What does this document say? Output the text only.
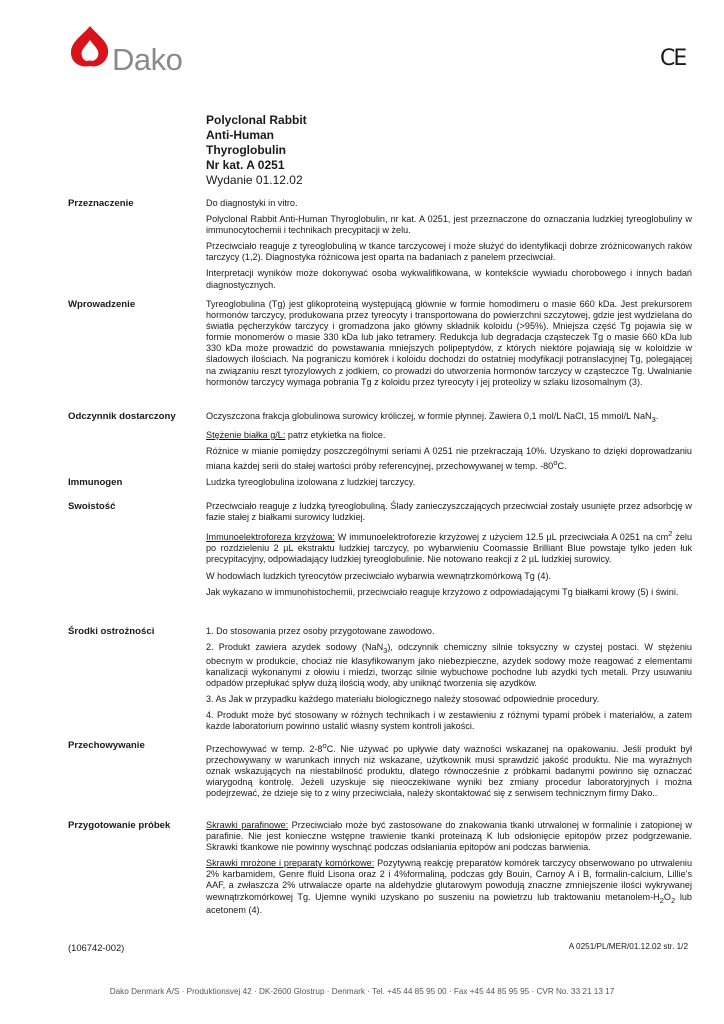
Dako	CE
Polyclonal Rabbit
Anti-Human
Thyroglobulin
Nr kat. A 0251
Wydanie 01.12.02
Przeznaczenie	Do diagnostyki in vitro.

Polyclonal Rabbit Anti-Human Thyroglobulin, nr kat. A 0251, jest przeznaczone do oznaczania ludzkiej tyreoglobuliny w immunocytochemii i technikach precypitacji w żelu.

Przeciwciało reaguje z tyreoglobuliną w tkance tarczycowej i może służyć do identyfikacji dobrze zróżnicowanych raków tarczycy (1,2). Diagnostyka różnicowa jest oparta na badaniach z panelem przeciwciał.

Interpretacji wyników może dokonywać osoba wykwalifikowana, w kontekście wywiadu chorobowego i innych badań diagnostycznych.

Wprowadzenie	Tyreoglobulina (Tg) jest glikoproteiną występującą głównie w formie homodimeru o masie 660 kDa. Jest prekursorem hormonów tarczycy, produkowana przez tyreocyty i transportowana do powierzchni szczytowej, gdzie jest wydzielana do światła pęcherzyków tarczycy i gromadzona jako główny składnik koloidu (>95%). Mniejsza część Tg pojawia się w formie monomerów o masie 330 kDa lub jako tetramery. Redukcja lub degradacja cząsteczek Tg o masie 660 kDa lub 330 kDa może prowadzić do powstawania mniejszych polipeptydów, z których niektóre pojawiają się w koloidzie w śladowych ilościach. Na pograniczu komórek i koloidu dochodzi do ostatniej modyfikacji potranslacyjnej Tg, polegającej na związaniu reszt tyrozylowych z jodkiem, co prowadzi do utworzenia hormonów tarczycy w cząsteczce Tg. Uwalnianie hormonów tarczycy wymaga pobrania Tg z koloidu przez tyreocyty i jej proteolizy w szlaku lizosomalnym (3).

Odczynnik dostarczony	Oczyszczona frakcja globulinowa surowicy króliczej, w formie płynnej. Zawiera 0,1 mol/L NaCl, 15 mmol/L NaN$_3$.

Stężenie białka g/L: patrz etykietka na fiolce.

Różnice w mianie pomiędzy poszczególnymi seriami A 0251 nie przekraczają 10%. Uzyskano to dzięki doprowadzaniu miana każdej serii do stałej wartości próby referencyjnej, przechowywanej w temp. -80$^o$C.

Immunogen	Ludzka tyreoglobulina izolowana z ludzkiej tarczycy.

Swoistość	Przeciwciało reaguje z ludzką tyreoglobuliną. Ślady zanieczyszczających przeciwciał zostały usunięte przez adsorbcję w fazie stałej z białkami surowicy ludzkiej.

Immunoelektroforeza krzyżowa: W immunoelektroforezie krzyżowej z użyciem 12.5 µL przeciwciała A 0251 na $cm^2$ żelu po rozdzieleniu 2 µL ekstraktu ludzkiej tarczycy, po wybarwieniu Coomassie Brilliant Blue powstaje tylko jeden łuk precypitacyjny, odpowiadający ludzkiej tyreoglobulinie. Nie notowano reakcji z 2 µL ludzkiej surowicy.

W hodowlach ludzkich tyreocytów przeciwciało wybarwia wewnątrzkomórkową Tg (4).

Jak wykazano w immunohistochemii, przeciwciało reaguje krzyżowo z odpowiadającymi Tg białkami krowy (5) i świni.

Środki ostrożności	1. Do stosowania przez osoby przygotowane zawodowo.

2. Produkt zawiera azydek sodowy (NaN$_3$), odczynnik chemiczny silnie toksyczny w czystej postaci. W stężeniu obecnym w produkcie, chociaż nie klasyfikowanym jako niebezpieczne, azydek sodowy może reagować z elementami kanalizacji wykonanymi z ołowiu i miedzi, tworząc silnie wybuchowe pochodne lub azydki tych metali. Przy usuwaniu odpadów przepłukać spływ dużą ilością wody, aby uniknąć tworzenia się azydków.

3. As Jak w przypadku każdego materiału biologicznego należy stosować odpowiednie procedury.

4. Produkt może być stosowany w różnych technikach i w zestawieniu z różnymi typami próbek i materiałów, a zatem każde laboratorium powinno ustalić własny system kontroli jakości.

Przechowywanie	Przechowywać w temp. 2-8$^o$C. Nie używać po upływie daty ważności wskazanej na opakowaniu. Jeśli produkt był przechowywany w warunkach innych niż wskazane, użytkownik musi sprawdzić jakość produktu. Nie ma wyraźnych oznak wskazujących na niestabilność produktu, dlatego równocześnie z próbkami badanymi powinno się oznaczać wiarygodną kontrolę. Jeżeli uzyskuje się nieoczekiwane wyniki bez zmiany procedur laboratoryjnych i można podejrzewać, że dzieje się to z winy przeciwciała, należy skontaktować się z serwisem technicznym firmy Dako..

Przygotowanie próbek	Skrawki parafinowe: Przeciwciało może być zastosowane do znakowania tkanki utrwalonej w formalinie i zatopionej w parafinie. Nie jest konieczne wstępne trawienie tkanki proteinazą K lub odsłonięcie epitopów przez podgrzewanie. Skrawki tkankowe nie powinny wyschnąć podczas odsłaniania epitopów ani podczas barwienia.

Skrawki mrożone i preparaty komórkowe: Pozytywną reakcję preparatów komórek tarczycy obserwowano po utrwaleniu 2% karbamidem, Genre fluid Lisona oraz 2 i 4%formaliną, podczas gdy Bouin, Carnoy A i B, formalin-calcium, Lillie's AAF, a zwłaszcza 2% utrwalacze oparte na aldehydzie glutarowym powodują znaczne zmniejszenie ilości wykrywanej wewnątrzkomórkowej Tg. Ujemne wyniki uzyskano po suszeniu na powietrzu lub traktowaniu metanolem-$H_2O_2$ lub acetonem (4).

(106742-002)	A 0251/PL/MER/01.12.02 str. 1/2
Dako Denmark A/S · Produktionsvej 42 · DK-2600 Glostrup · Denmark · Tel. +45 44 85 95 00 · Fax +45 44 85 95 95 · CVR No. 33 21 13 17
